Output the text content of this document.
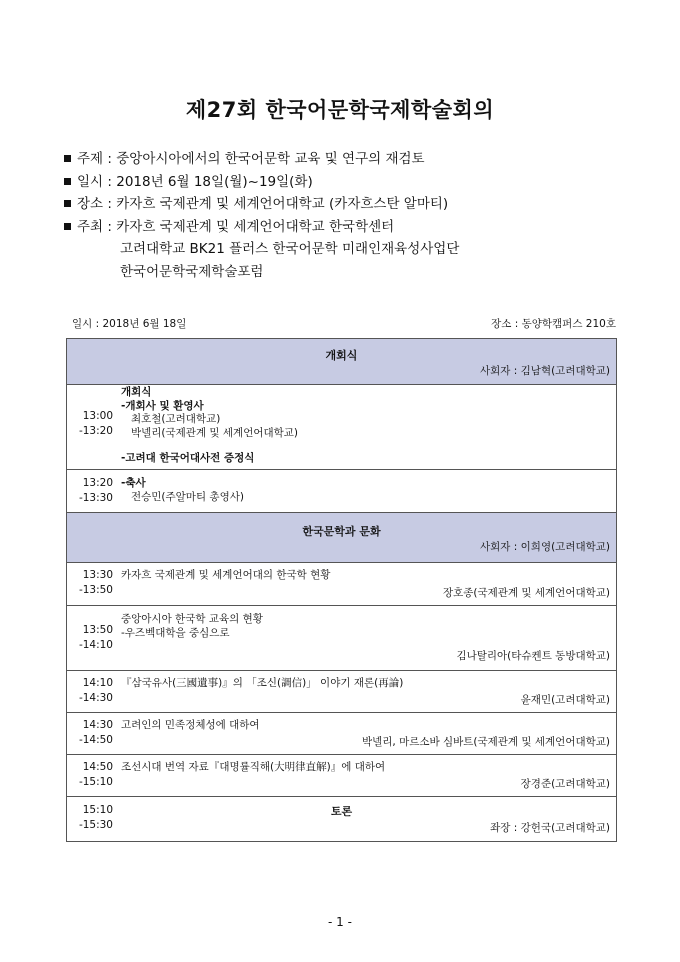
제27회 한국어문학국제학술회의
주제 : 중앙아시아에서의 한국어문학 교육 및 연구의 재검토
일시 : 2018년 6월 18일(월)~19일(화)
장소 : 카자흐 국제관계 및 세계언어대학교 (카자흐스탄 알마티)
주최 : 카자흐 국제관계 및 세계언어대학교 한국학센터
고려대학교 BK21 플러스 한국어문학 미래인재육성사업단
한국어문학국제학술포럼
일시 : 2018년 6월 18일	장소 : 동양학캠퍼스 210호
개회식
사회자 : 김남혁(고려대학교)
13:00
-13:20
개회식
-개회사 및 환영사
최호철(고려대학교)
박넬리(국제관계 및 세계언어대학교)
-고려대 한국어대사전 증정식
13:20
-13:30
-축사
전승민(주알마티 총영사)
한국문학과 문화
사회자 : 이희영(고려대학교)
13:30
-13:50
카자흐 국제관계 및 세계언어대의 한국학 현황
장호종(국제관계 및 세계언어대학교)
13:50
-14:10
중앙아시아 한국학 교육의 현황
-우즈벡대학을 중심으로
김나탈리아(타슈켄트 동방대학교)
14:10
-14:30
『삼국유사(三國遺事)』의 「조신(調信)」 이야기 재론(再論)
윤재민(고려대학교)
14:30
-14:50
고려인의 민족정체성에 대하여
박넬리, 마르소바 심바트(국제관계 및 세계언어대학교)
14:50
-15:10
조선시대 번역 자료『대명률직해(大明律直解)』에 대하여
장경준(고려대학교)
15:10
-15:30
토론
좌장 : 강헌국(고려대학교)
- 1 -
